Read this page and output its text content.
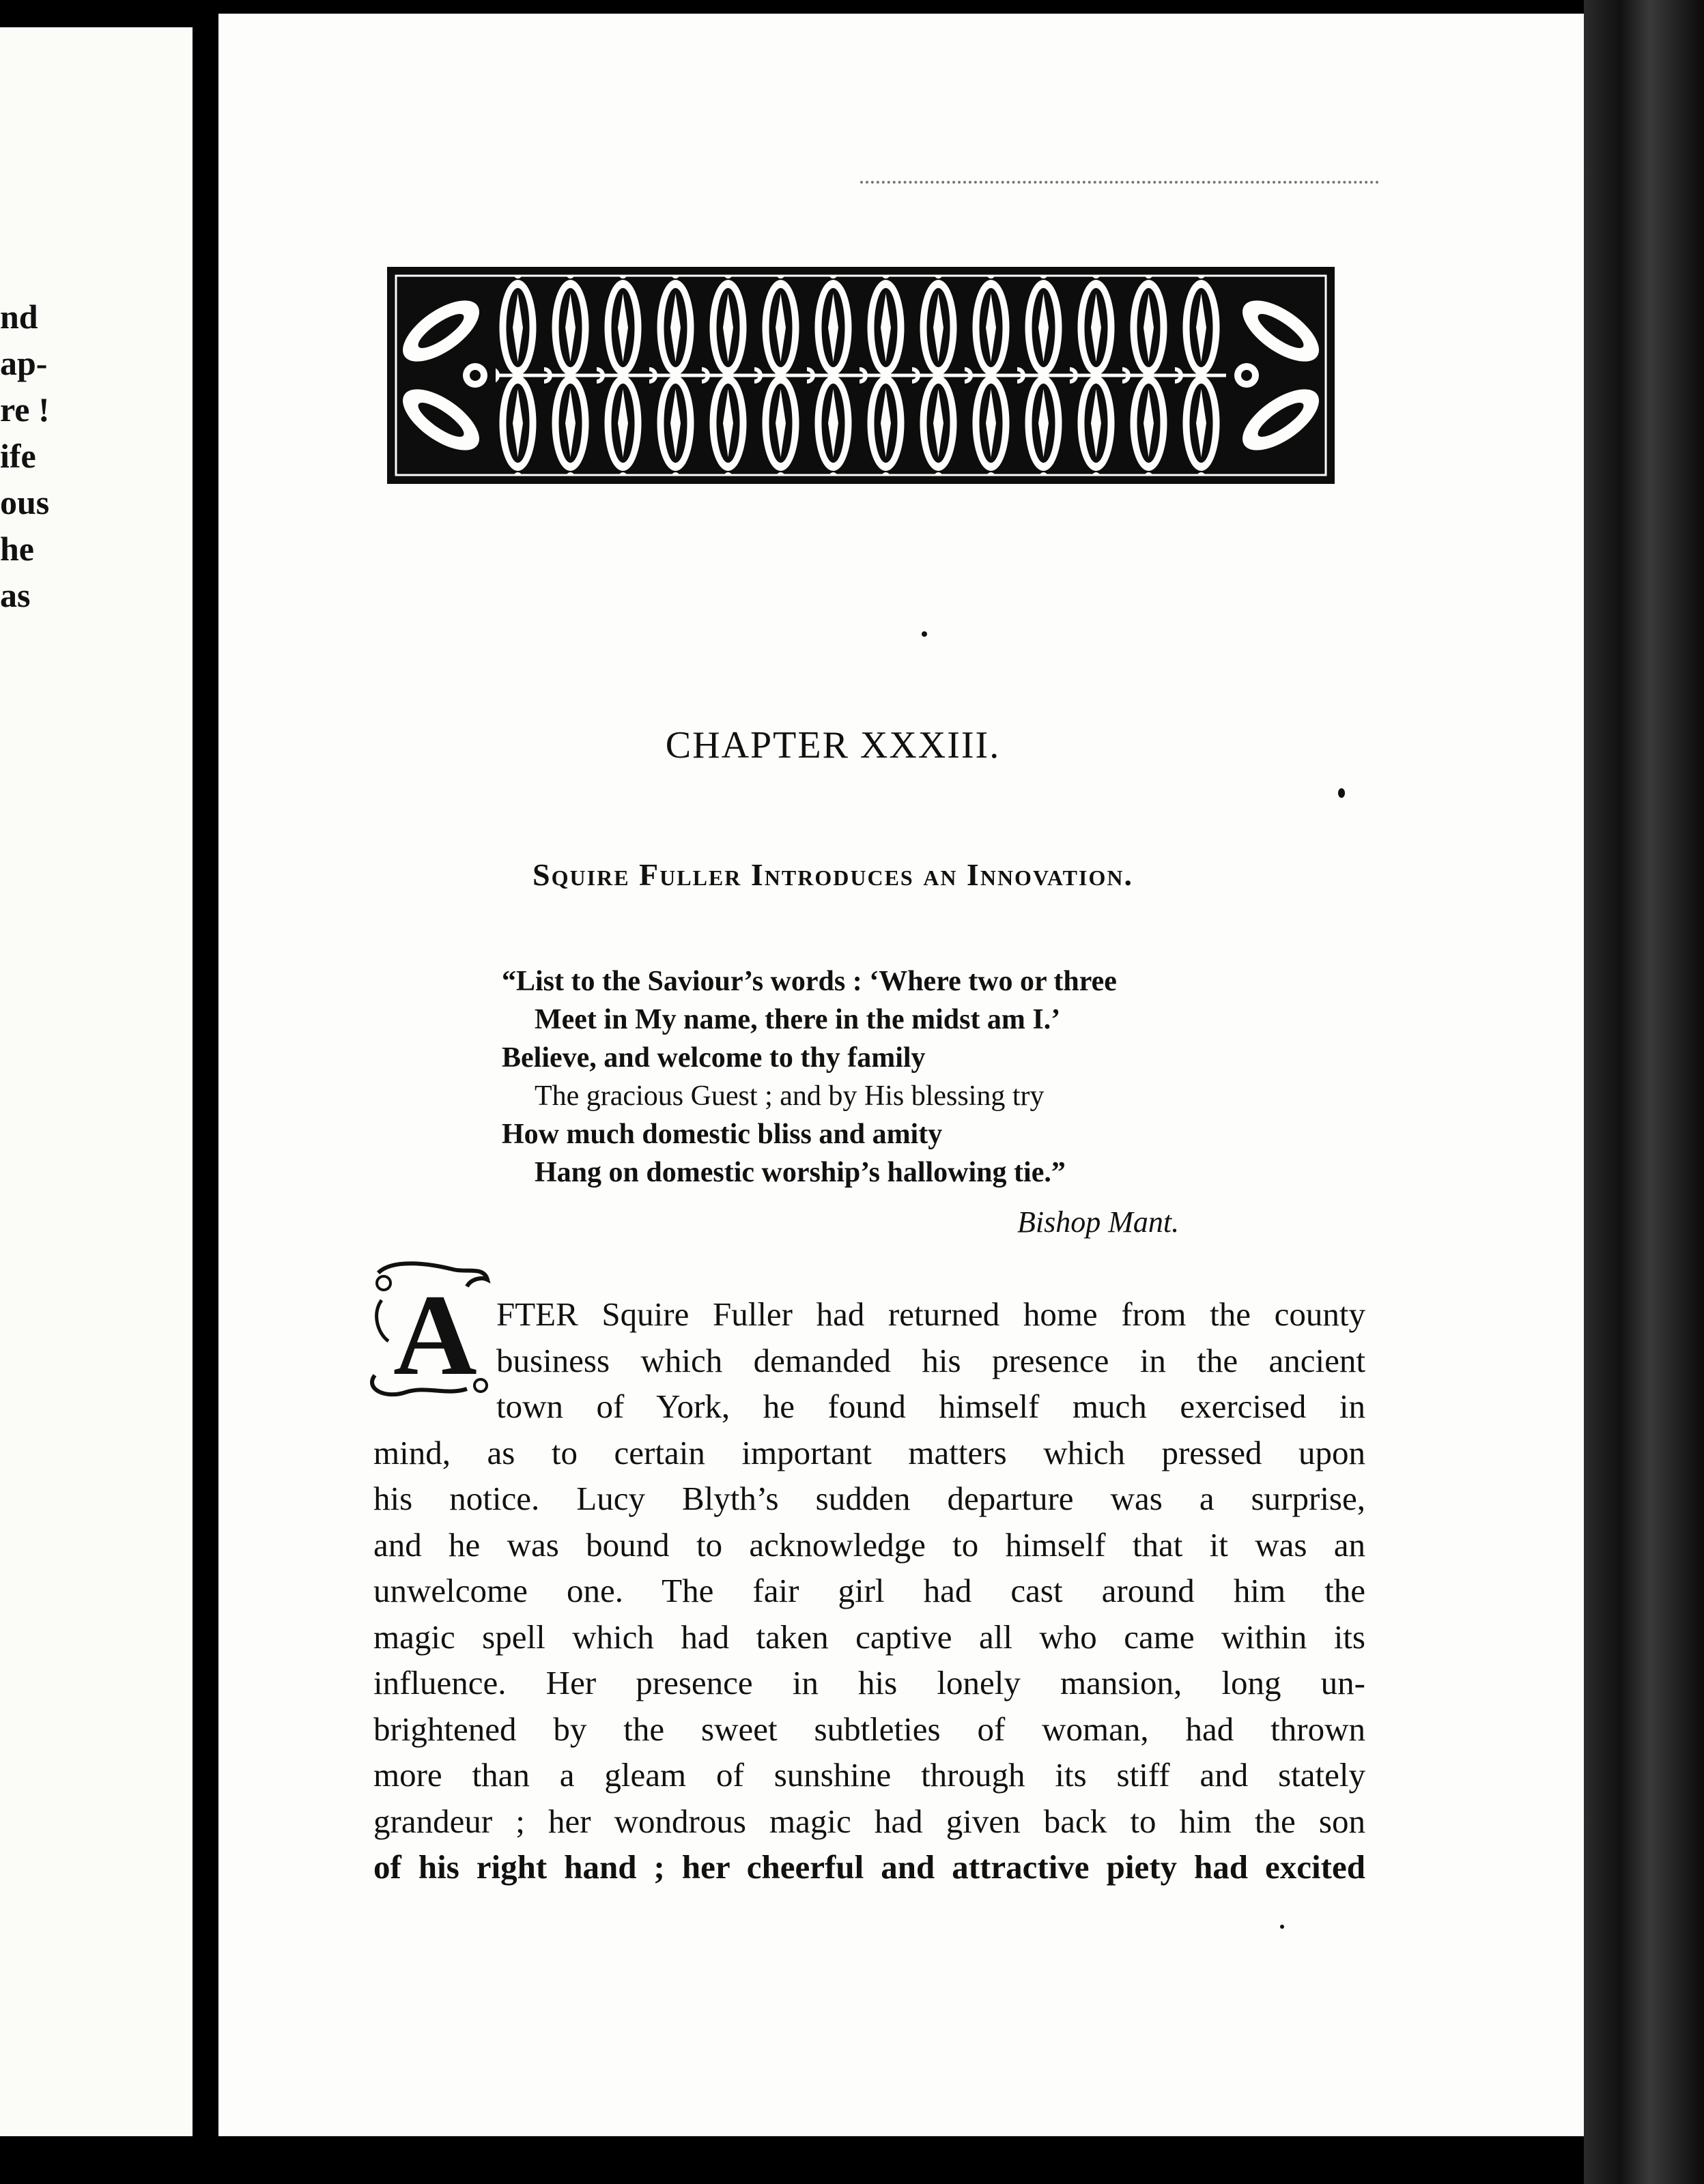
nd
ap-
re !
ife
ous
he
as
CHAPTER XXXIII.
Squire Fuller Introduces an Innovation.
“List to the Saviour’s words : ‘Where two or three
Meet in My name, there in the midst am I.’
Believe, and welcome to thy family
The gracious Guest ; and by His blessing try
How much domestic bliss and amity
Hang on domestic worship’s hallowing tie.”
Bishop Mant.
A FTER Squire Fuller had returned home from the county
business which demanded his presence in the ancient
town of York, he found himself much exercised in
mind, as to certain important matters which pressed upon
his notice. Lucy Blyth’s sudden departure was a surprise,
and he was bound to acknowledge to himself that it was an
unwelcome one. The fair girl had cast around him the
magic spell which had taken captive all who came within its
influence. Her presence in his lonely mansion, long un-
brightened by the sweet subtleties of woman, had thrown
more than a gleam of sunshine through its stiff and stately
grandeur ; her wondrous magic had given back to him the son
of his right hand ; her cheerful and attractive piety had excited
